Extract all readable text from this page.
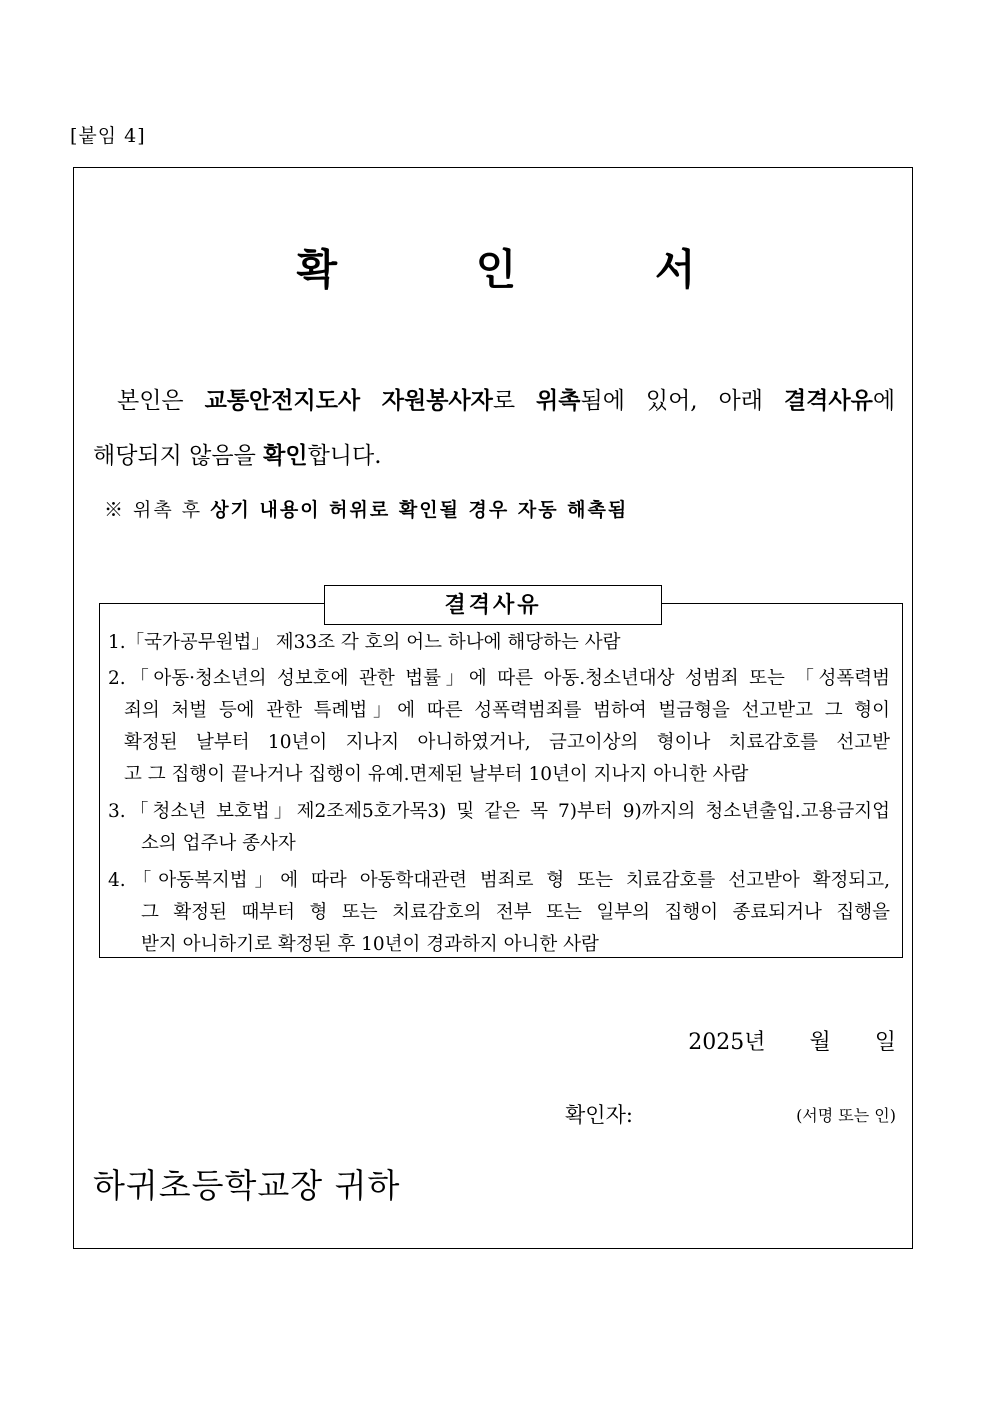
[붙임 4]
확 인 서
본인은 교통안전지도사 자원봉사자로 위촉됨에 있어, 아래 결격사유에
해당되지 않음을 확인합니다.
※ 위촉 후 상기 내용이 허위로 확인될 경우 자동 해촉됨
결격사유
1.「국가공무원법」 제33조 각 호의 어느 하나에 해당하는 사람
2.「아동·청소년의 성보호에 관한 법률」에 따른 아동.청소년대상 성범죄 또는 「성폭력범
죄의 처벌 등에 관한 특례법」에 따른 성폭력범죄를 범하여 벌금형을 선고받고 그 형이
확정된 날부터 10년이 지나지 아니하였거나, 금고이상의 형이나 치료감호를 선고받
고 그 집행이 끝나거나 집행이 유예.면제된 날부터 10년이 지나지 아니한 사람
3.「청소년 보호법」제2조제5호가목3) 및 같은 목 7)부터 9)까지의 청소년출입.고용금지업
소의 업주나 종사자
4.「아동복지법」에 따라 아동학대관련 범죄로 형 또는 치료감호를 선고받아 확정되고,
그 확정된 때부터 형 또는 치료감호의 전부 또는 일부의 집행이 종료되거나 집행을
받지 아니하기로 확정된 후 10년이 경과하지 아니한 사람
2025년 월 일
확인자:	(서명 또는 인)
하귀초등학교장 귀하
